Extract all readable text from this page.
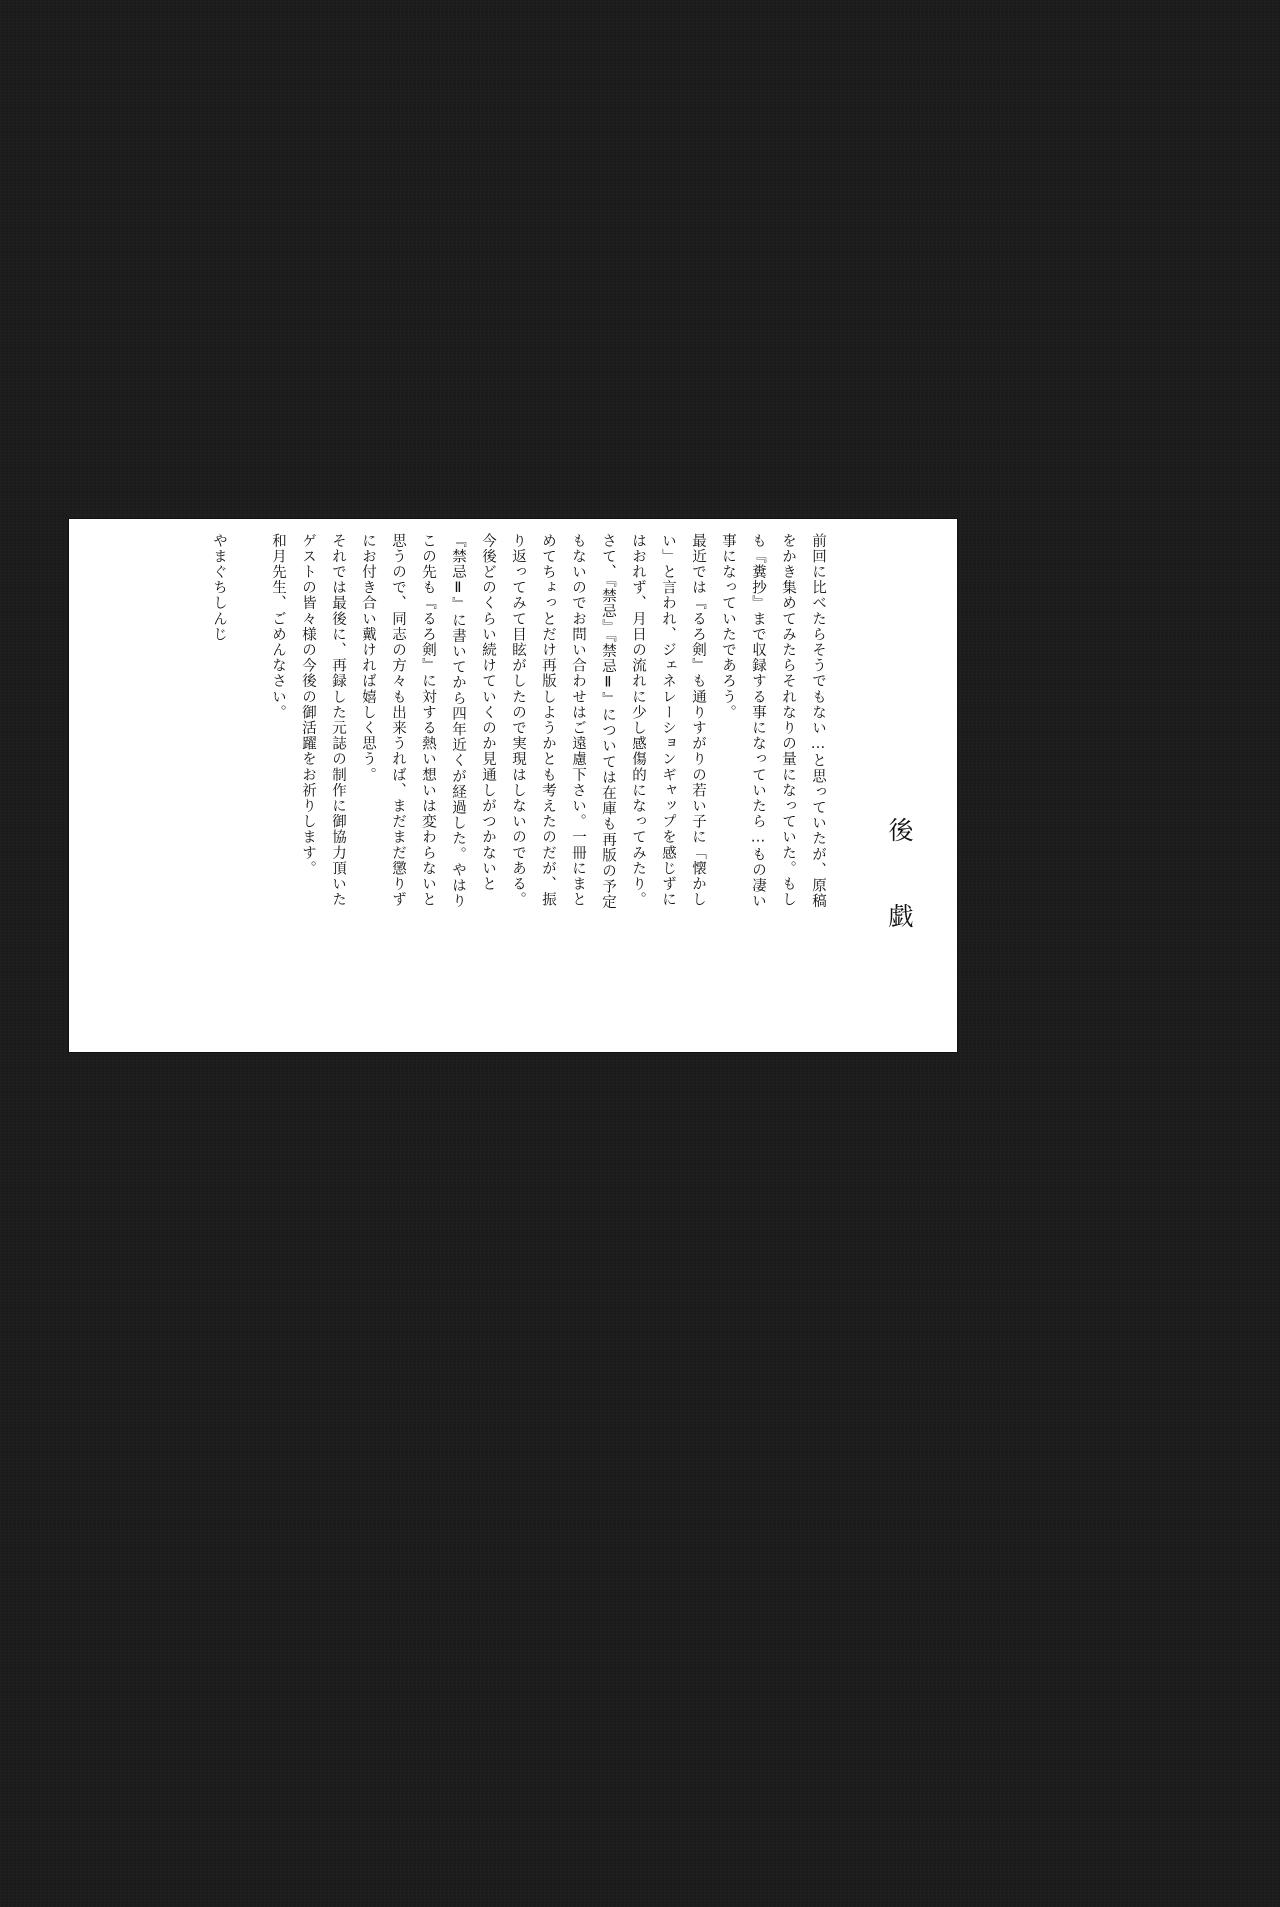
後 戯
前回に比べたらそうでもない…と思っていたが、原稿
をかき集めてみたらそれなりの量になっていた。もし
も『糞抄』まで収録する事になっていたら…もの凄い
事になっていたであろう。
最近では『るろ剣』も通りすがりの若い子に「懐かし
い」と言われ、ジェネレーションギャップを感じずに
はおれず、月日の流れに少し感傷的になってみたり。
さて、『禁忌』『禁忌Ⅱ』については在庫も再版の予定
もないのでお問い合わせはご遠慮下さい。一冊にまと
めてちょっとだけ再版しようかとも考えたのだが、振
り返ってみて目眩がしたので実現はしないのである。
今後どのくらい続けていくのか見通しがつかないと
『禁忌Ⅱ』に書いてから四年近くが経過した。やはり
この先も『るろ剣』に対する熱い想いは変わらないと
思うので、同志の方々も出来うれば、まだまだ懲りず
にお付き合い戴ければ嬉しく思う。
それでは最後に、再録した元誌の制作に御協力頂いた
ゲストの皆々様の今後の御活躍をお祈りします。
和月先生、ごめんなさい。
やまぐちしんじ
